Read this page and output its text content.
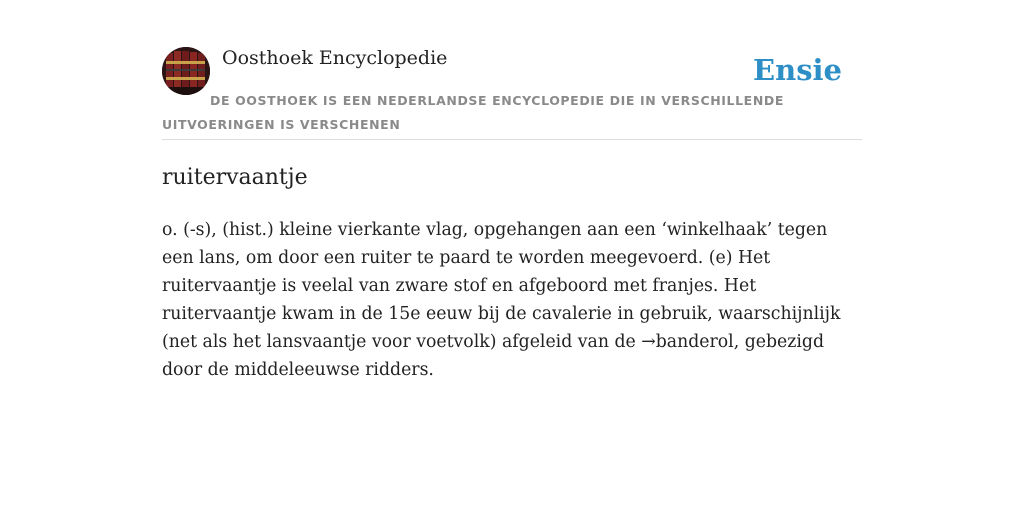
Oosthoek Encyclopedie	Ensie
DE OOSTHOEK IS EEN NEDERLANDSE ENCYCLOPEDIE DIE IN VERSCHILLENDE UITVOERINGEN IS VERSCHENEN
ruitervaantje

o. (-s), (hist.) kleine vierkante vlag, opgehangen aan een ‘winkelhaak’ tegen een lans, om door een ruiter te paard te worden meegevoerd. (e) Het ruitervaantje is veelal van zware stof en afgeboord met franjes. Het ruitervaantje kwam in de 15e eeuw bij de cavalerie in gebruik, waarschijnlijk (net als het lansvaantje voor voetvolk) afgeleid van de →banderol, gebezigd door de middeleeuwse ridders.
